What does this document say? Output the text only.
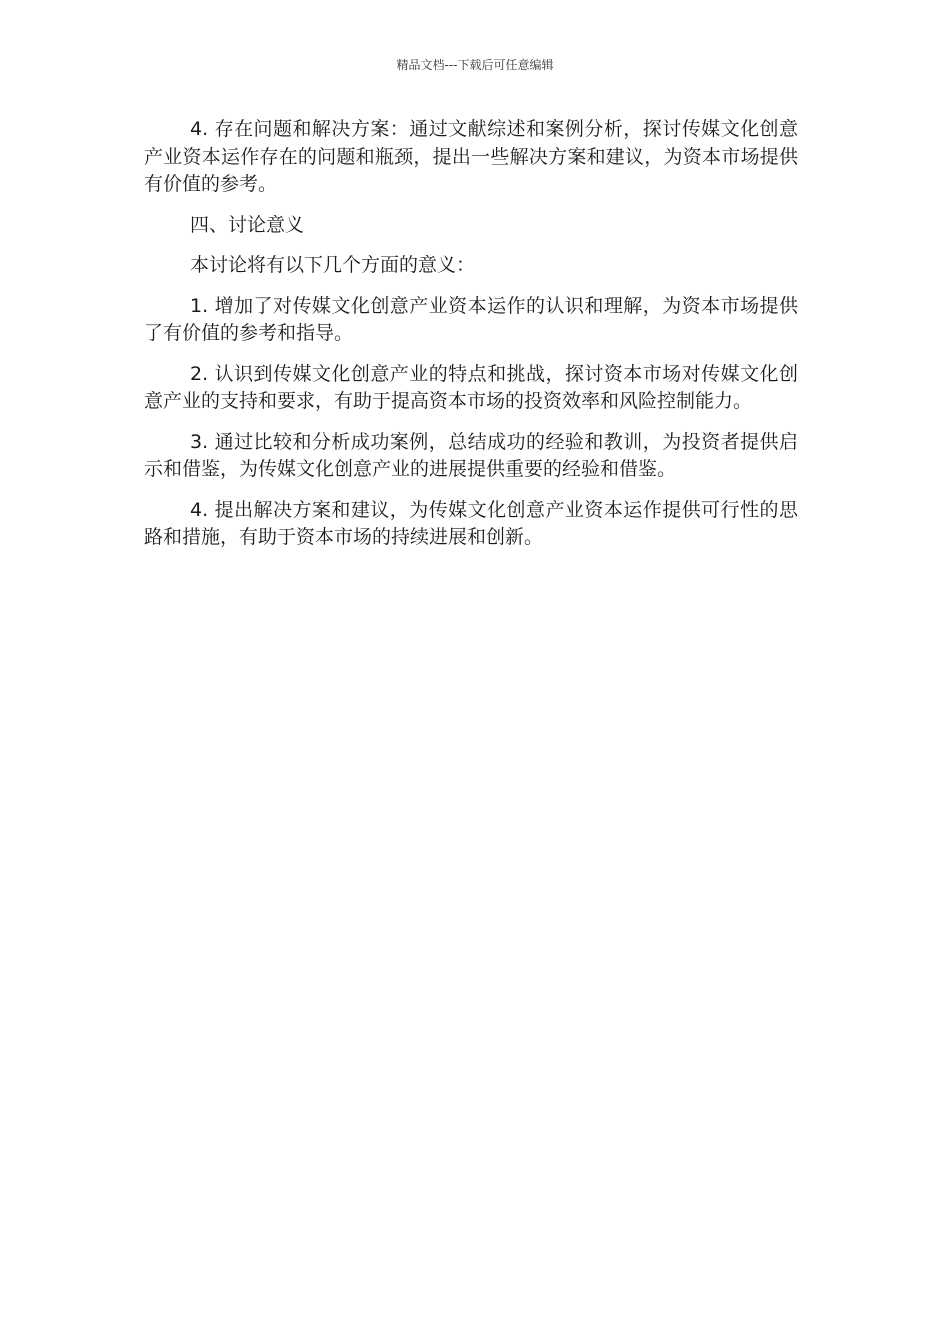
精品文档---下载后可任意编辑

4. 存在问题和解决方案：通过文献综述和案例分析，探讨传媒文化创意产业资本运作存在的问题和瓶颈，提出一些解决方案和建议，为资本市场提供有价值的参考。

四、讨论意义

本讨论将有以下几个方面的意义：

1. 增加了对传媒文化创意产业资本运作的认识和理解，为资本市场提供了有价值的参考和指导。

2. 认识到传媒文化创意产业的特点和挑战，探讨资本市场对传媒文化创意产业的支持和要求，有助于提高资本市场的投资效率和风险控制能力。

3. 通过比较和分析成功案例，总结成功的经验和教训，为投资者提供启示和借鉴，为传媒文化创意产业的进展提供重要的经验和借鉴。

4. 提出解决方案和建议，为传媒文化创意产业资本运作提供可行性的思路和措施，有助于资本市场的持续进展和创新。
